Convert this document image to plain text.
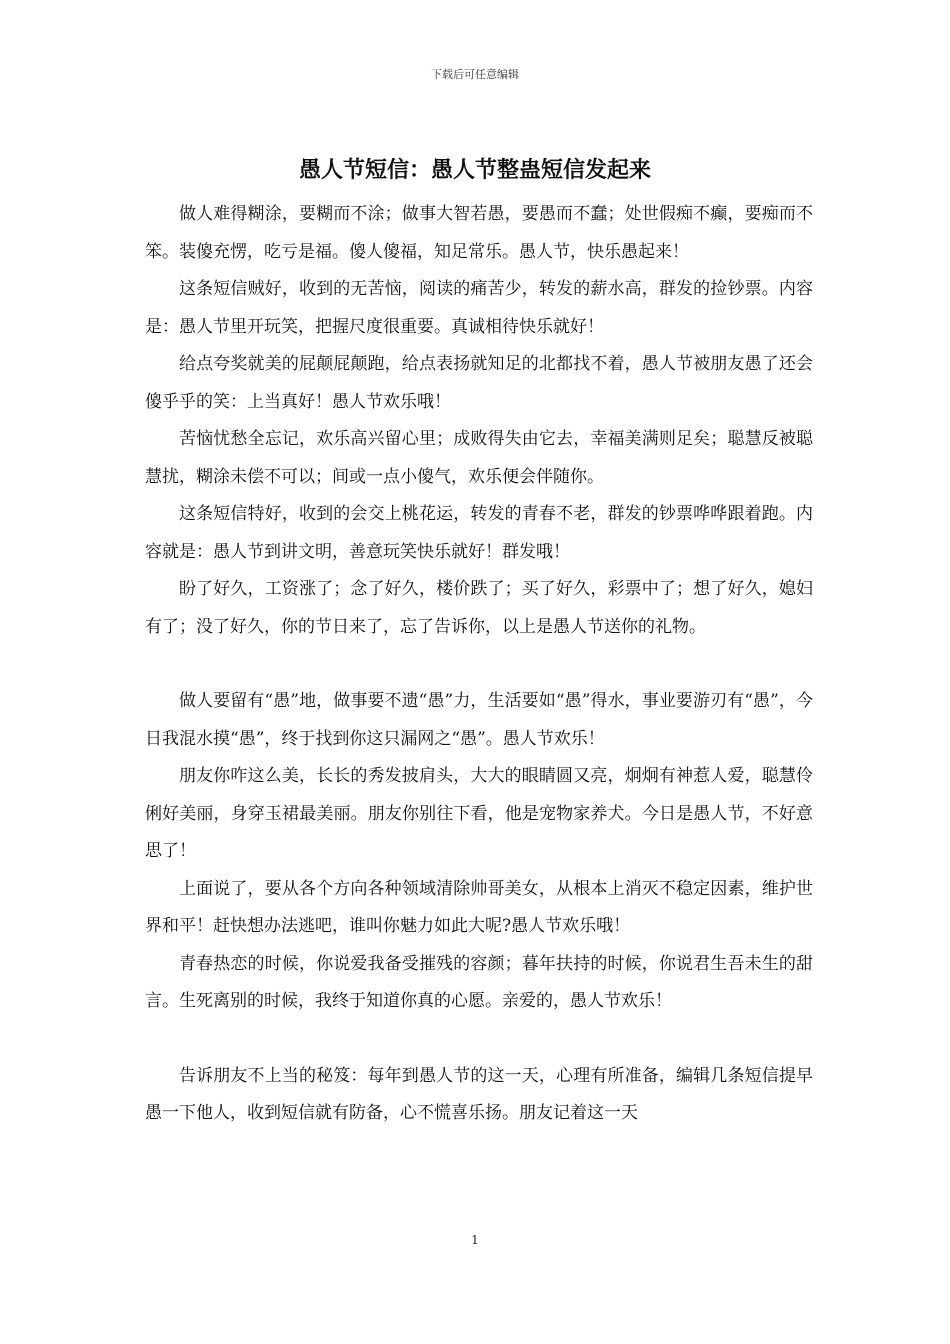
下载后可任意编辑
愚人节短信：愚人节整蛊短信发起来

做人难得糊涂，要糊而不涂；做事大智若愚，要愚而不蠢；处世假痴不癫，要痴而不笨。装傻充愣，吃亏是福。傻人傻福，知足常乐。愚人节，快乐愚起来！

这条短信贼好，收到的无苦恼，阅读的痛苦少，转发的薪水高，群发的捡钞票。内容是：愚人节里开玩笑，把握尺度很重要。真诚相待快乐就好！

给点夸奖就美的屁颠屁颠跑，给点表扬就知足的北都找不着，愚人节被朋友愚了还会傻乎乎的笑：上当真好！愚人节欢乐哦！

苦恼忧愁全忘记，欢乐高兴留心里；成败得失由它去，幸福美满则足矣；聪慧反被聪慧扰，糊涂未偿不可以；间或一点小傻气，欢乐便会伴随你。

这条短信特好，收到的会交上桃花运，转发的青春不老，群发的钞票哗哗跟着跑。内容就是：愚人节到讲文明，善意玩笑快乐就好！群发哦！

盼了好久，工资涨了；念了好久，楼价跌了；买了好久，彩票中了；想了好久，媳妇有了；没了好久，你的节日来了，忘了告诉你，以上是愚人节送你的礼物。

做人要留有“愚”地，做事要不遗“愚”力，生活要如“愚”得水，事业要游刃有“愚”，今日我混水摸“愚”，终于找到你这只漏网之“愚”。愚人节欢乐！

朋友你咋这么美，长长的秀发披肩头，大大的眼睛圆又亮，炯炯有神惹人爱，聪慧伶俐好美丽，身穿玉裙最美丽。朋友你别往下看，他是宠物家养犬。今日是愚人节，不好意思了！

上面说了，要从各个方向各种领域清除帅哥美女，从根本上消灭不稳定因素，维护世界和平！赶快想办法逃吧，谁叫你魅力如此大呢?愚人节欢乐哦！

青春热恋的时候，你说爱我备受摧残的容颜；暮年扶持的时候，你说君生吾未生的甜言。生死离别的时候，我终于知道你真的心愿。亲爱的，愚人节欢乐！

告诉朋友不上当的秘笈：每年到愚人节的这一天，心理有所准备，编辑几条短信提早愚一下他人，收到短信就有防备，心不慌喜乐扬。朋友记着这一天

1
